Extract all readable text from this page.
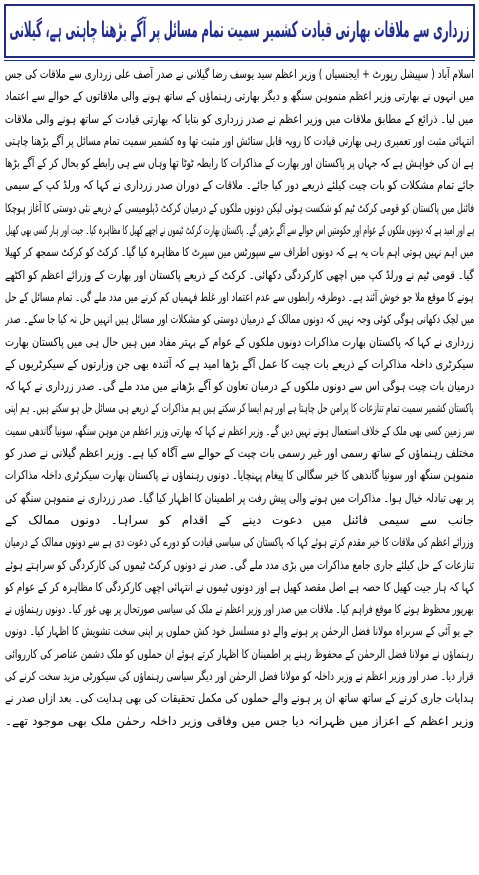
زرداری سے ملاقات بھارتی قیادت کشمیر سمیت تمام مسائل پر آگے بڑھنا چاہتی ہے، گیلانی
اسلام آباد ( سپیشل رپورٹ + ایجنسیاں ) وزیر اعظم سید یوسف رضا گیلانی نے صدر آصف علی زرداری سے ملاقات کی جس
میں انہوں نے بھارتی وزیر اعظم منموہن سنگھ و دیگر بھارتی رہنماؤں کے ساتھ ہونے والی ملاقاتوں کے حوالے سے اعتماد
میں لیا۔ ذرائع کے مطابق ملاقات میں وزیر اعظم نے صدر زرداری کو بتایا کہ بھارتی قیادت کے ساتھ ہونے والی ملاقات
انتہائی مثبت اور تعمیری رہی بھارتی قیادت کا رویہ قابل ستائش اور مثبت تھا وہ کشمیر سمیت تمام مسائل پر آگے بڑھنا چاہتی
ہے ان کی خواہش ہے کہ جہاں پر پاکستان اور بھارت کے مذاکرات کا رابطہ ٹوٹا تھا وہاں سے ہی رابطے کو بحال کر کے آگے بڑھا
جائے تمام مشکلات کو بات چیت کیلئے ذریعے دور کیا جائے۔ ملاقات کے دوران صدر زرداری نے کہا کہ ورلڈ کپ کے سیمی
فائنل میں پاکستان کو قومی کرکٹ ٹیم کو شکست ہوئی لیکن دونوں ملکوں کے درمیان کرکٹ ڈپلومیسی کے ذریعے نئی دوستی کا آغاز ہوچکا
ہے اور امید ہے کہ دونوں ملکوں کے عوام اور حکومتیں اس حوالے سے آگے بڑھیں گے۔ پاکستان بھارت کرکٹ ٹیموں نے اچھے کھیل کا مظاہرہ کیا۔ جیت اور ہار کسی بھی کھیل
میں اہم نہیں ہوتی اہم بات یہ ہے کہ دونوں اطراف سے سپورٹس مین سپرٹ کا مظاہرہ کیا گیا۔ کرکٹ کو کرکٹ سمجھ کر کھیلا
گیا۔ قومی ٹیم نے ورلڈ کپ میں اچھی کارکردگی دکھائی۔ کرکٹ کے ذریعے پاکستان اور بھارت کے وزرائے اعظم کو اکٹھے
ہونے کا موقع ملا جو خوش آئند ہے۔ دوطرفہ رابطوں سے عدم اعتماد اور غلط فہمیاں کم کرنے میں مدد ملے گی۔ تمام مسائل کے حل
میں لچک دکھانی ہوگی کوئی وجہ نہیں کہ دونوں ممالک کے درمیان دوستی کو مشکلات اور مسائل ہیں انہیں حل نہ کیا جا سکے۔ صدر
زرداری نے کہا کہ پاکستان بھارت مذاکرات دونوں ملکوں کے عوام کے بہتر مفاد میں ہیں حال ہی میں پاکستان بھارت
سیکرٹری داخلہ مذاکرات کے ذریعے بات چیت کا عمل آگے بڑھا امید ہے کہ آئندہ بھی جن وزارتوں کے سیکرٹریوں کے
درمیان بات چیت ہوگی اس سے دونوں ملکوں کے درمیان تعاون کو آگے بڑھانے میں مدد ملے گی۔ صدر زرداری نے کہا کہ
پاکستان کشمیر سمیت تمام تنازعات کا پرامن حل چاہتا ہے اور ہم ایسا کر سکتے ہیں ہم مذاکرات کے ذریعے ہی مسائل حل ہو سکتے ہیں۔ ہم اپنی
سر زمین کسی بھی ملک کے خلاف استعمال ہونے نہیں دیں گے۔ وزیر اعظم نے کہا کہ بھارتی وزیر اعظم من موہن سنگھ، سونیا گاندھی سمیت
مختلف رہنماؤں کے ساتھ رسمی اور غیر رسمی بات چیت کے حوالے سے آگاہ کیا ہے۔ وزیر اعظم گیلانی نے صدر کو
منموہن سنگھ اور سونیا گاندھی کا خیر سگالی کا پیغام پہنچایا۔ دونوں رہنماؤں نے پاکستان بھارت سیکرٹری داخلہ مذاکرات
پر بھی تبادلہ خیال ہوا۔ مذاکرات میں ہونے والی پیش رفت پر اطمینان کا اظہار کیا گیا۔ صدر زرداری نے منموہن سنگھ کی
جانب سے سیمی فائنل میں دعوت دینے کے اقدام کو سراہا۔ دونوں ممالک کے
وزرائے اعظم کی ملاقات کا خیر مقدم کرتے ہوئے کہا کہ پاکستان کی سیاسی قیادت کو دورے کی دعوت دی ہے سے دونوں ممالک کے درمیان
تنازعات کے حل کیلئے جاری جامع مذاکرات میں بڑی مدد ملے گی۔ صدر نے دونوں کرکٹ ٹیموں کی کارکردگی کو سراہتے ہوئے
کہا کہ ہار جیت کھیل کا حصہ ہے اصل مقصد کھیل ہے اور دونوں ٹیموں نے انتہائی اچھی کارکردگی کا مظاہرہ کر کے عوام کو
بھرپور محظوظ ہونے کا موقع فراہم کیا۔ ملاقات میں صدر اور وزیر اعظم نے ملک کی سیاسی صورتحال پر بھی غور کیا۔ دونوں رہنماؤں نے
جے یو آئی کے سربراہ مولانا فضل الرحمٰن پر ہونے والے دو مسلسل خود کش حملوں پر اپنی سخت تشویش کا اظہار کیا۔ دونوں
رہنماؤں نے مولانا فضل الرحمٰن کے محفوظ رہنے پر اطمینان کا اظہار کرتے ہوئے ان حملوں کو ملک دشمن عناصر کی کارروائی
قرار دیا۔ صدر اور وزیر اعظم نے وزیر داخلہ کو مولانا فضل الرحمٰن اور دیگر سیاسی رہنماؤں کی سیکورٹی مزید سخت کرنے کی
ہدایات جاری کرنے کے ساتھ ساتھ ان پر ہونے والے حملوں کی مکمل تحقیقات کی بھی ہدایت کی۔ بعد ازاں صدر نے
وزیر اعظم کے اعزاز میں ظہرانہ دیا جس میں وفاقی وزیر داخلہ رحمٰن ملک بھی موجود تھے۔
